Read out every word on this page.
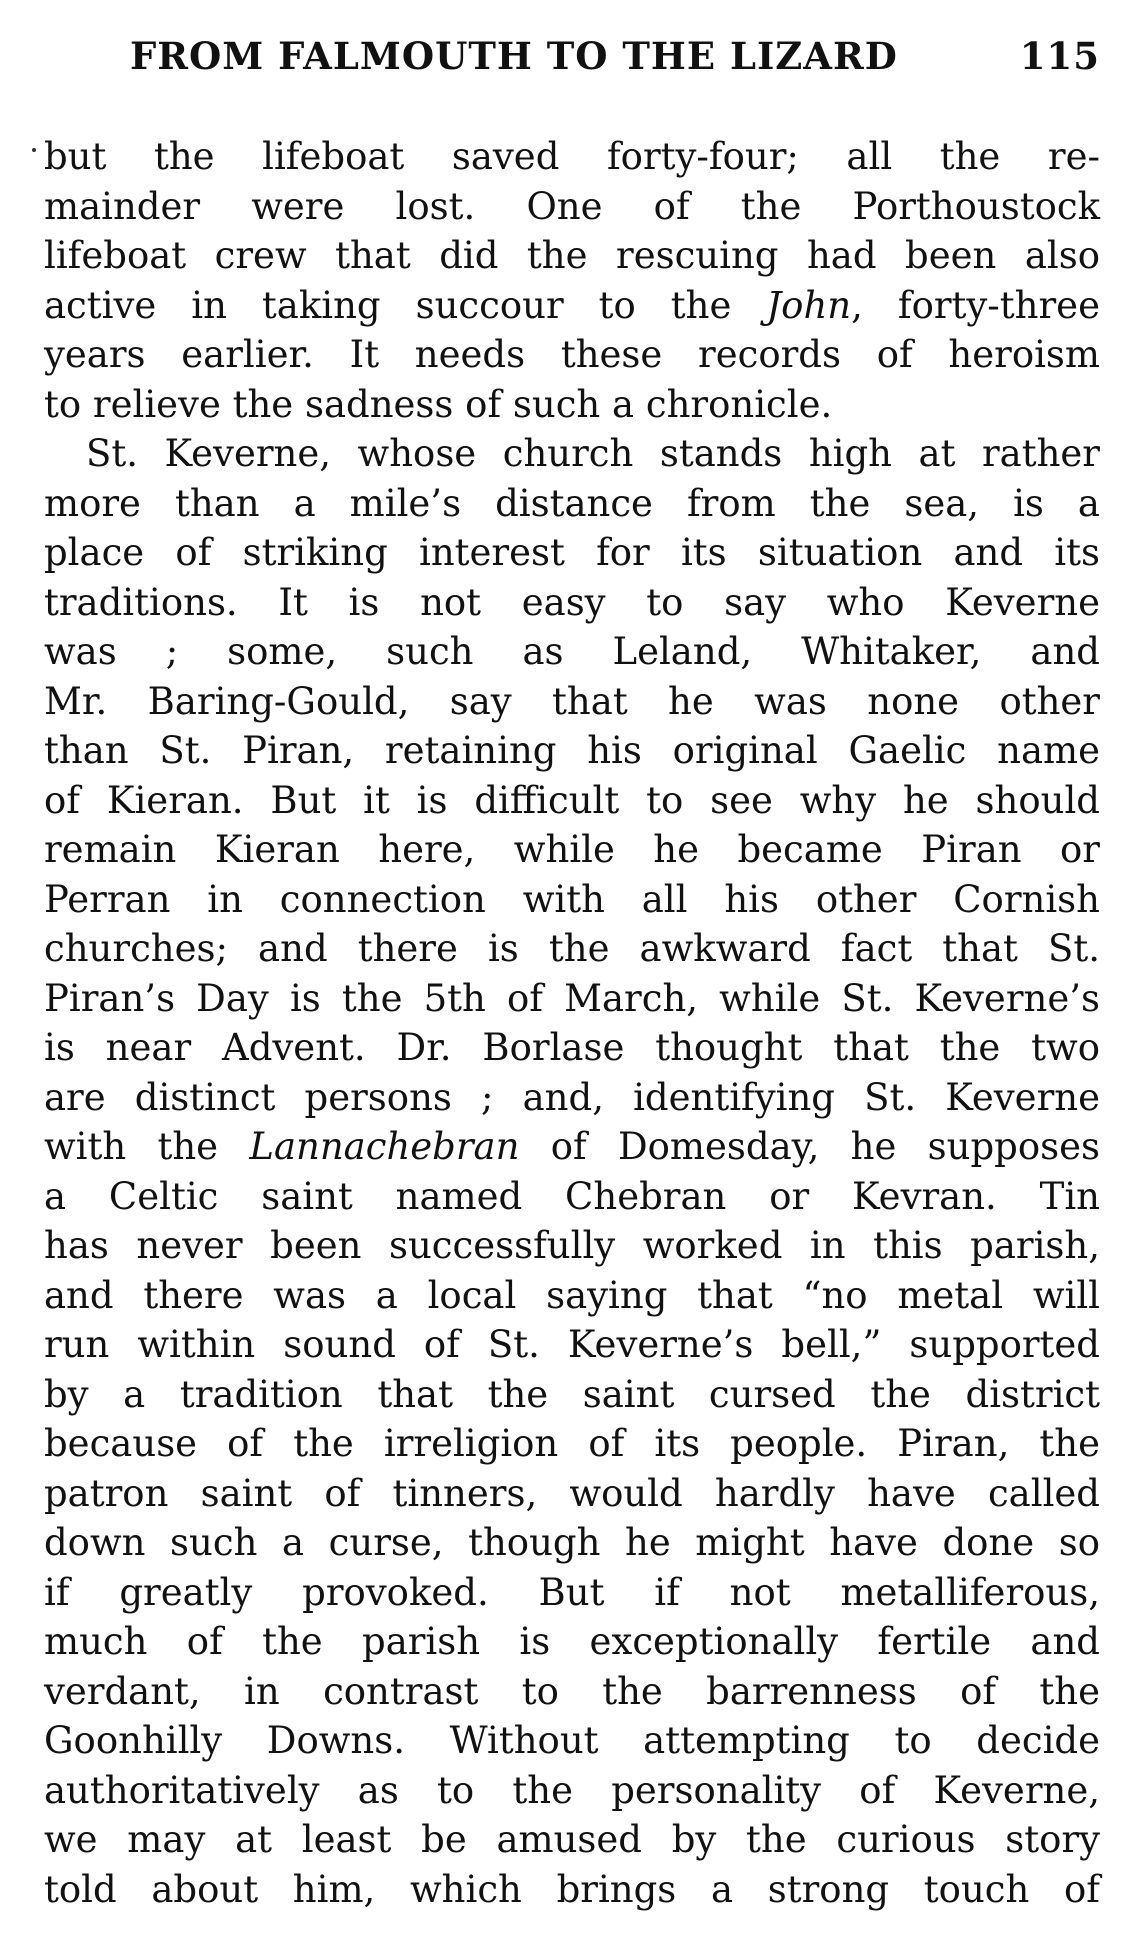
FROM FALMOUTH TO THE LIZARD	115
but the lifeboat saved forty-four; all the re-
mainder were lost. One of the Porthoustock
lifeboat crew that did the rescuing had been also
active in taking succour to the John, forty-three
years earlier. It needs these records of heroism
to relieve the sadness of such a chronicle.
St. Keverne, whose church stands high at rather
more than a mile’s distance from the sea, is a
place of striking interest for its situation and its
traditions. It is not easy to say who Keverne
was ; some, such as Leland, Whitaker, and
Mr. Baring-Gould, say that he was none other
than St. Piran, retaining his original Gaelic name
of Kieran. But it is difficult to see why he should
remain Kieran here, while he became Piran or
Perran in connection with all his other Cornish
churches; and there is the awkward fact that St.
Piran’s Day is the 5th of March, while St. Keverne’s
is near Advent. Dr. Borlase thought that the two
are distinct persons ; and, identifying St. Keverne
with the Lannachebran of Domesday, he supposes
a Celtic saint named Chebran or Kevran. Tin
has never been successfully worked in this parish,
and there was a local saying that “no metal will
run within sound of St. Keverne’s bell,” supported
by a tradition that the saint cursed the district
because of the irreligion of its people. Piran, the
patron saint of tinners, would hardly have called
down such a curse, though he might have done so
if greatly provoked. But if not metalliferous,
much of the parish is exceptionally fertile and
verdant, in contrast to the barrenness of the
Goonhilly Downs. Without attempting to decide
authoritatively as to the personality of Keverne,
we may at least be amused by the curious story
told about him, which brings a strong touch of
